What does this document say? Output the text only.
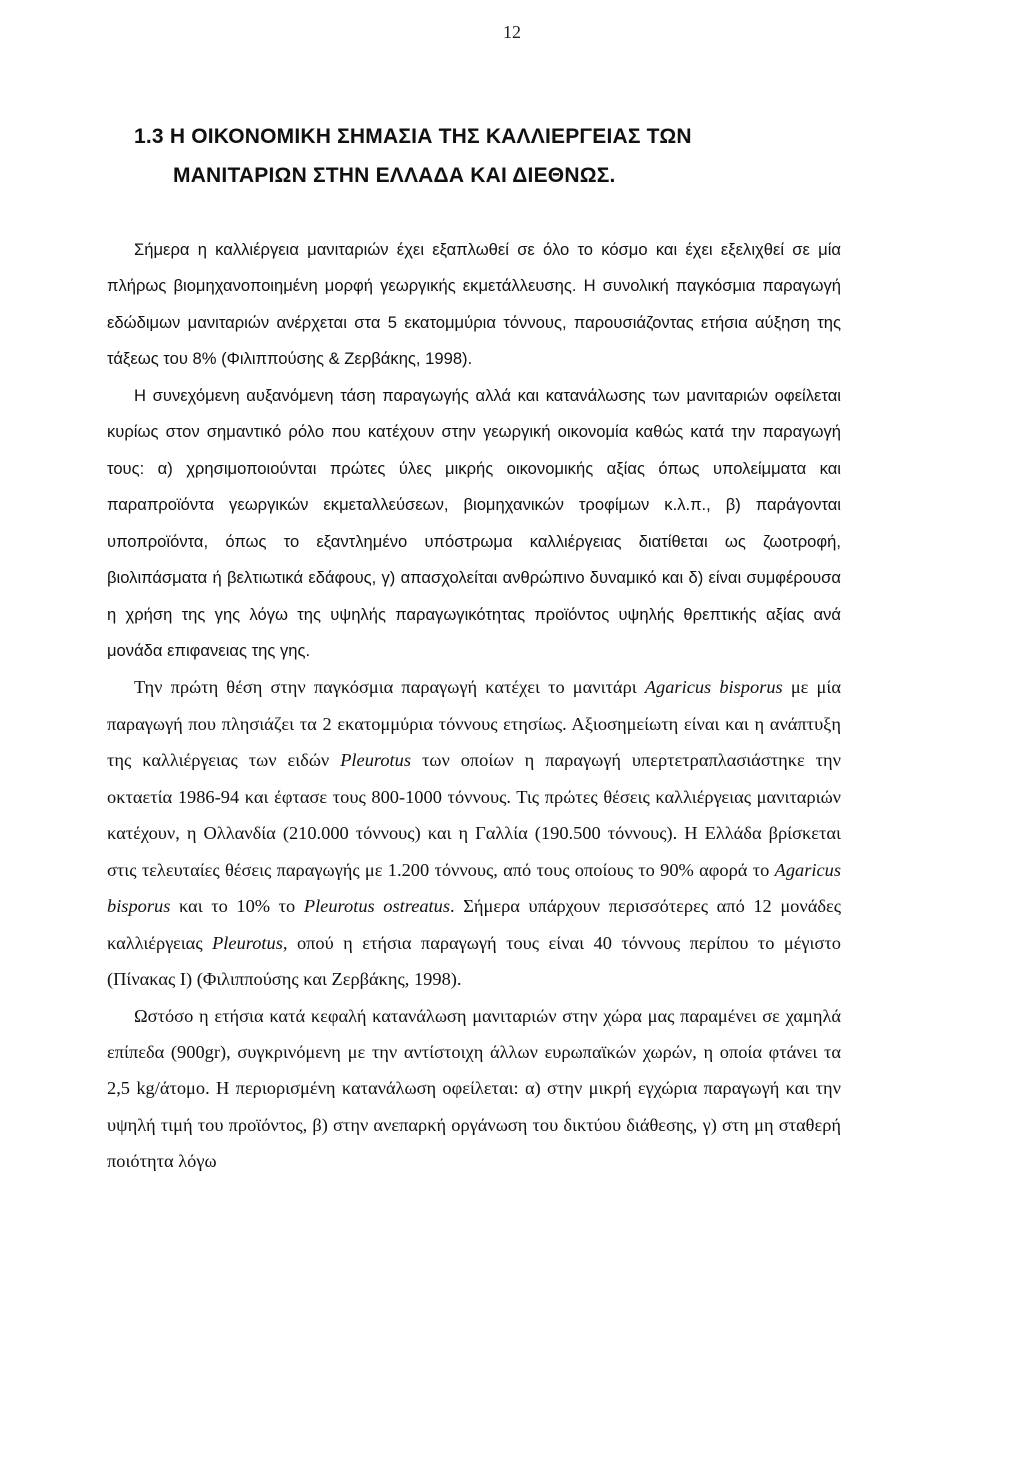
12
1.3 Η ΟΙΚΟΝΟΜΙΚΗ ΣΗΜΑΣΙΑ ΤΗΣ ΚΑΛΛΙΕΡΓΕΙΑΣ ΤΩΝ
ΜΑΝΙΤΑΡΙΩΝ ΣΤΗΝ ΕΛΛΑΔΑ ΚΑΙ ΔΙΕΘΝΩΣ.

Σήμερα η καλλιέργεια μανιταριών έχει εξαπλωθεί σε όλο το κόσμο και έχει εξελιχθεί σε μία πλήρως βιομηχανοποιημένη μορφή γεωργικής εκμετάλλευσης. Η συνολική παγκόσμια παραγωγή εδώδιμων μανιταριών ανέρχεται στα 5 εκατομμύρια τόννους, παρουσιάζοντας ετήσια αύξηση της τάξεως του 8% (Φιλιππούσης & Ζερβάκης, 1998).

Η συνεχόμενη αυξανόμενη τάση παραγωγής αλλά και κατανάλωσης των μανιταριών οφείλεται κυρίως στον σημαντικό ρόλο που κατέχουν στην γεωργική οικονομία καθώς κατά την παραγωγή τους: α) χρησιμοποιούνται πρώτες ύλες μικρής οικονομικής αξίας όπως υπολείμματα και παραπροϊόντα γεωργικών εκμεταλλεύσεων, βιομηχανικών τροφίμων κ.λ.π., β) παράγονται υποπροϊόντα, όπως το εξαντλημένο υπόστρωμα καλλιέργειας διατίθεται ως ζωοτροφή, βιολιπάσματα ή βελτιωτικά εδάφους, γ) απασχολείται ανθρώπινο δυναμικό και δ) είναι συμφέρουσα η χρήση της γης λόγω της υψηλής παραγωγικότητας προϊόντος υψηλής θρεπτικής αξίας ανά μονάδα επιφανειας της γης.

Την πρώτη θέση στην παγκόσμια παραγωγή κατέχει το μανιτάρι Agaricus bisporus με μία παραγωγή που πλησιάζει τα 2 εκατομμύρια τόννους ετησίως. Αξιοσημείωτη είναι και η ανάπτυξη της καλλιέργειας των ειδών Pleurotus των οποίων η παραγωγή υπερτετραπλασιάστηκε την οκταετία 1986-94 και έφτασε τους 800-1000 τόννους. Τις πρώτες θέσεις καλλιέργειας μανιταριών κατέχουν, η Ολλανδία (210.000 τόννους) και η Γαλλία (190.500 τόννους). Η Ελλάδα βρίσκεται στις τελευταίες θέσεις παραγωγής με 1.200 τόννους, από τους οποίους το 90% αφορά το Agaricus bisporus και το 10% το Pleurotus ostreatus. Σήμερα υπάρχουν περισσότερες από 12 μονάδες καλλιέργειας Pleurotus, οπού η ετήσια παραγωγή τους είναι 40 τόννους περίπου το μέγιστο (Πίνακας Ι) (Φιλιππούσης και Ζερβάκης, 1998).

Ωστόσο η ετήσια κατά κεφαλή κατανάλωση μανιταριών στην χώρα μας παραμένει σε χαμηλά επίπεδα (900gr), συγκρινόμενη με την αντίστοιχη άλλων ευρωπαϊκών χωρών, η οποία φτάνει τα 2,5 kg/άτομο. Η περιορισμένη κατανάλωση οφείλεται: α) στην μικρή εγχώρια παραγωγή και την υψηλή τιμή του προϊόντος, β) στην ανεπαρκή οργάνωση του δικτύου διάθεσης, γ) στη μη σταθερή ποιότητα λόγω
